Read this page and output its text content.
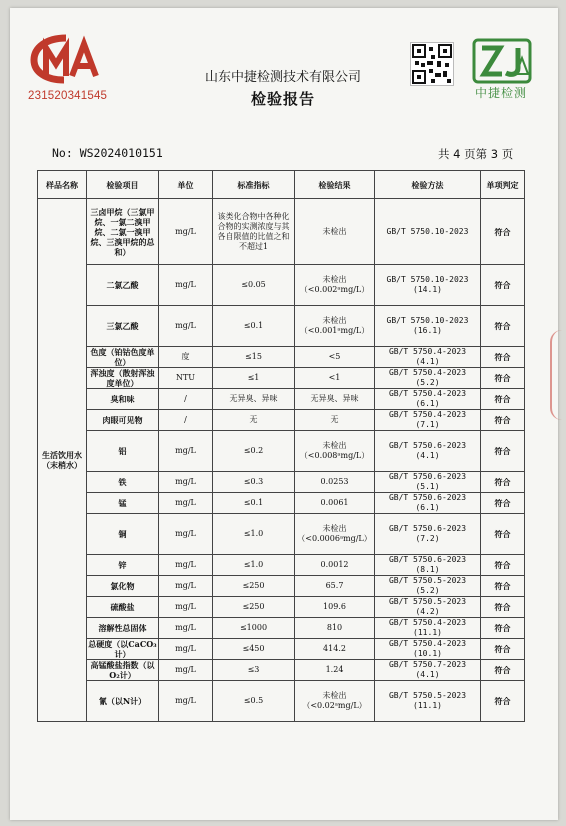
231520341545
山东中捷检测技术有限公司
检验报告	中捷检测
No: WS2024010151	共 4 页第 3 页
样品名称	检验项目	单位	标准指标	检验结果	检验方法	单项判定
生活饮用水（末梢水）	三卤甲烷（三氯甲烷、一氯二溴甲烷、二氯一溴甲烷、三溴甲烷的总和）	mg/L	该类化合物中各种化合物的实测浓度与其各自限值的比值之和不超过1	未检出	GB/T 5750.10-2023	符合
	二氯乙酸	mg/L	≤0.05	未检出（<0.002ᵃmg/L）	GB/T 5750.10-2023 (14.1)	符合
	三氯乙酸	mg/L	≤0.1	未检出（<0.001ᵃmg/L）	GB/T 5750.10-2023 (16.1)	符合
	色度（铂钴色度单位）	度	≤15	<5	GB/T 5750.4-2023 (4.1)	符合
	浑浊度（散射浑浊度单位）	NTU	≤1	<1	GB/T 5750.4-2023 (5.2)	符合
	臭和味	/	无异臭、异味	无异臭、异味	GB/T 5750.4-2023 (6.1)	符合
	肉眼可见物	/	无	无	GB/T 5750.4-2023 (7.1)	符合
	铝	mg/L	≤0.2	未检出（<0.008ᵃmg/L）	GB/T 5750.6-2023 (4.1)	符合
	铁	mg/L	≤0.3	0.0253	GB/T 5750.6-2023 (5.1)	符合
	锰	mg/L	≤0.1	0.0061	GB/T 5750.6-2023 (6.1)	符合
	铜	mg/L	≤1.0	未检出（<0.0006ᵃmg/L）	GB/T 5750.6-2023 (7.2)	符合
	锌	mg/L	≤1.0	0.0012	GB/T 5750.6-2023 (8.1)	符合
	氯化物	mg/L	≤250	65.7	GB/T 5750.5-2023 (5.2)	符合
	硫酸盐	mg/L	≤250	109.6	GB/T 5750.5-2023 (4.2)	符合
	溶解性总固体	mg/L	≤1000	810	GB/T 5750.4-2023 (11.1)	符合
	总硬度（以CaCO₃计）	mg/L	≤450	414.2	GB/T 5750.4-2023 (10.1)	符合
	高锰酸盐指数（以O₂计）	mg/L	≤3	1.24	GB/T 5750.7-2023 (4.1)	符合
	氰（以N计）	mg/L	≤0.5	未检出（<0.02ᵃmg/L）	GB/T 5750.5-2023 (11.1)	符合
